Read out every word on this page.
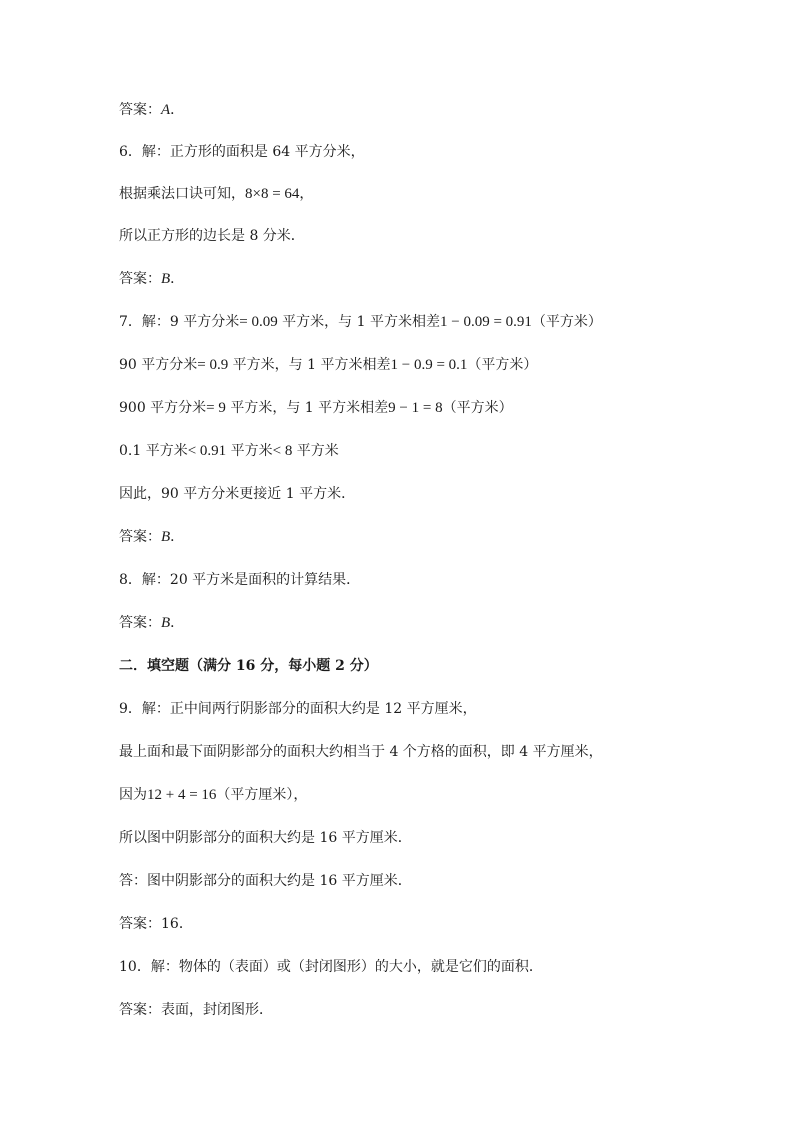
答案：A．
6．解：正方形的面积是 64 平方分米，
根据乘法口诀可知，8×8 = 64，
所以正方形的边长是 8 分米．
答案：B．
7．解：9 平方分米= 0.09 平方米，与 1 平方米相差1 − 0.09 = 0.91（平方米）
90 平方分米= 0.9 平方米，与 1 平方米相差1 − 0.9 = 0.1（平方米）
900 平方分米= 9 平方米，与 1 平方米相差9 − 1 = 8（平方米）
0.1 平方米< 0.91 平方米< 8 平方米
因此，90 平方分米更接近 1 平方米．
答案：B．
8．解：20 平方米是面积的计算结果．
答案：B．
二．填空题（满分 16 分，每小题 2 分）
9．解：正中间两行阴影部分的面积大约是 12 平方厘米，
最上面和最下面阴影部分的面积大约相当于 4 个方格的面积，即 4 平方厘米，
因为12 + 4 = 16（平方厘米），
所以图中阴影部分的面积大约是 16 平方厘米．
答：图中阴影部分的面积大约是 16 平方厘米．
答案：16．
10．解：物体的（表面）或（封闭图形）的大小，就是它们的面积．
答案：表面，封闭图形．
